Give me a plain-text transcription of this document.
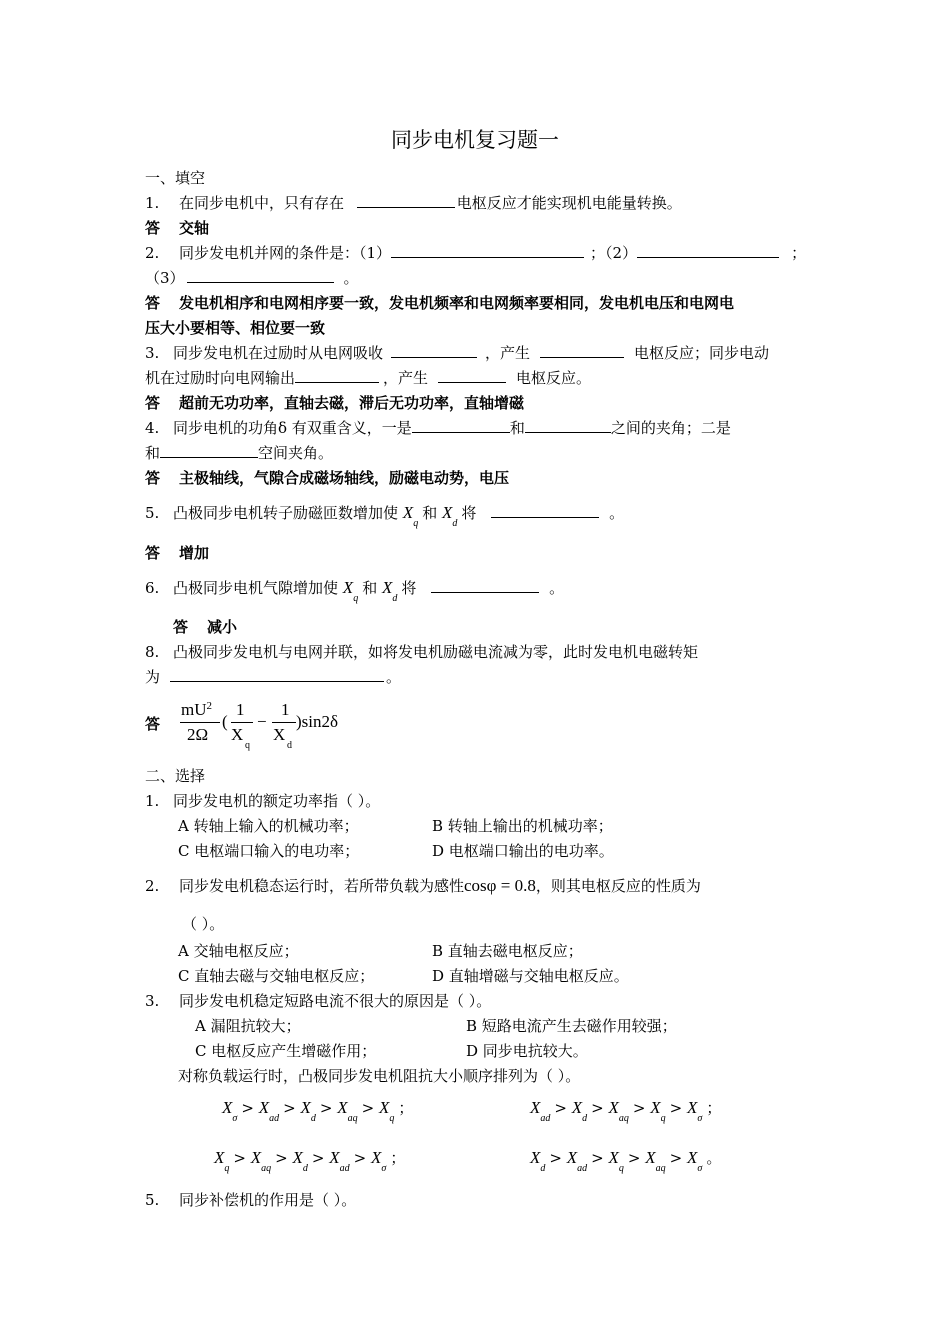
同步电机复习题一
一、填空
1. 在同步电机中，只有存在	电枢反应才能实现机电能量转换。
答 交轴
2. 同步发电机并网的条件是：（1）	；（2）	；
（3）	。
答 发电机相序和电网相序要一致，发电机频率和电网频率要相同，发电机电压和电网电
压大小要相等、相位要一致
3. 同步发电机在过励时从电网吸收	，产生	电枢反应；同步电动
机在过励时向电网输出	，产生	电枢反应。
答 超前无功功率，直轴去磁，滞后无功功率，直轴增磁
4. 同步电机的功角δ 有双重含义，一是	和	之间的夹角；二是
和	空间夹角。
答 主极轴线，气隙合成磁场轴线，励磁电动势，电压
5. 凸极同步电机转子励磁匝数增加使 $X_q$和 $X_d$将	。
答 增加
6. 凸极同步电机气隙增加使 $X_q$和 $X_d$将	。
答 减小
8. 凸极同步发电机与电网并联，如将发电机励磁电流减为零，此时发电机电磁转矩
为	。
答
$mU^2$
2Ω
(
1
X
q
−
1
X
d
)sin2δ
二、选择
1. 同步发电机的额定功率指（ ）。
A 转轴上输入的机械功率；	B 转轴上输出的机械功率；
C 电枢端口输入的电功率；	D 电枢端口输出的电功率。
2. 同步发电机稳态运行时，若所带负载为感性cosφ = 0.8，则其电枢反应的性质为
（ ）。
A 交轴电枢反应；	B 直轴去磁电枢反应；
C 直轴去磁与交轴电枢反应；	D 直轴增磁与交轴电枢反应。
3. 同步发电机稳定短路电流不很大的原因是（ ）。
A 漏阻抗较大；	B 短路电流产生去磁作用较强；
C 电枢反应产生增磁作用；	D 同步电抗较大。
对称负载运行时，凸极同步发电机阻抗大小顺序排列为（ ）。
$X_\sigma> X_{ad}> X_d> X_{aq}> X_q$；	$X_{ad}> X_d> X_{aq}> X_q> X_\sigma$；
$X_q> X_{aq}> X_d> X_{ad}> X_\sigma$；	$X_d> X_{ad}> X_q> X_{aq}> X_\sigma$。
5. 同步补偿机的作用是（ ）。
